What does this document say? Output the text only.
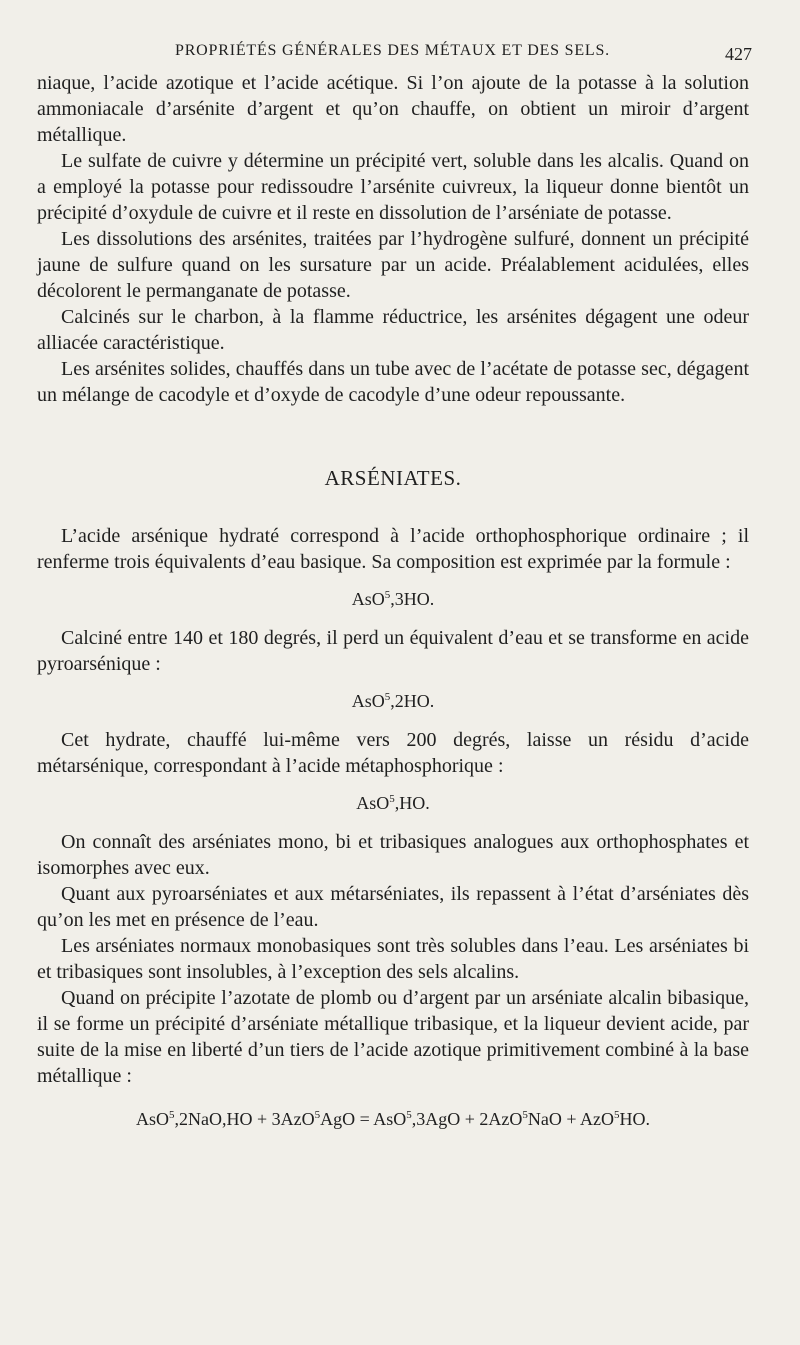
PROPRIÉTÉS GÉNÉRALES DES MÉTAUX ET DES SELS.	427

niaque, l’acide azotique et l’acide acétique. Si l’on ajoute de la potasse à la solution ammoniacale d’arsénite d’argent et qu’on chauffe, on obtient un miroir d’argent métallique.

Le sulfate de cuivre y détermine un précipité vert, soluble dans les alcalis. Quand on a employé la potasse pour redissoudre l’arsénite cuivreux, la liqueur donne bientôt un précipité d’oxydule de cuivre et il reste en dissolution de l’arséniate de potasse.

Les dissolutions des arsénites, traitées par l’hydrogène sulfuré, donnent un précipité jaune de sulfure quand on les sursature par un acide. Préalablement acidulées, elles décolorent le permanganate de potasse.

Calcinés sur le charbon, à la flamme réductrice, les arsénites dégagent une odeur alliacée caractéristique.

Les arsénites solides, chauffés dans un tube avec de l’acétate de potasse sec, dégagent un mélange de cacodyle et d’oxyde de cacodyle d’une odeur repoussante.

ARSÉNIATES.

L’acide arsénique hydraté correspond à l’acide orthophosphorique ordinaire ; il renferme trois équivalents d’eau basique. Sa composition est exprimée par la formule :

AsO$^5$,3HO.

Calciné entre 140 et 180 degrés, il perd un équivalent d’eau et se transforme en acide pyroarsénique :

AsO$^5$,2HO.

Cet hydrate, chauffé lui-même vers 200 degrés, laisse un résidu d’acide métarsénique, correspondant à l’acide métaphosphorique :

AsO$^5$,HO.

On connaît des arséniates mono, bi et tribasiques analogues aux orthophosphates et isomorphes avec eux.

Quant aux pyroarséniates et aux métarséniates, ils repassent à l’état d’arséniates dès qu’on les met en présence de l’eau.

Les arséniates normaux monobasiques sont très solubles dans l’eau. Les arséniates bi et tribasiques sont insolubles, à l’exception des sels alcalins.

Quand on précipite l’azotate de plomb ou d’argent par un arséniate alcalin bibasique, il se forme un précipité d’arséniate métallique tribasique, et la liqueur devient acide, par suite de la mise en liberté d’un tiers de l’acide azotique primitivement combiné à la base métallique :

AsO$^5$,2NaO,HO + 3AzO$^5$AgO = AsO$^5$,3AgO + 2AzO$^5$NaO + AzO$^5$HO.
